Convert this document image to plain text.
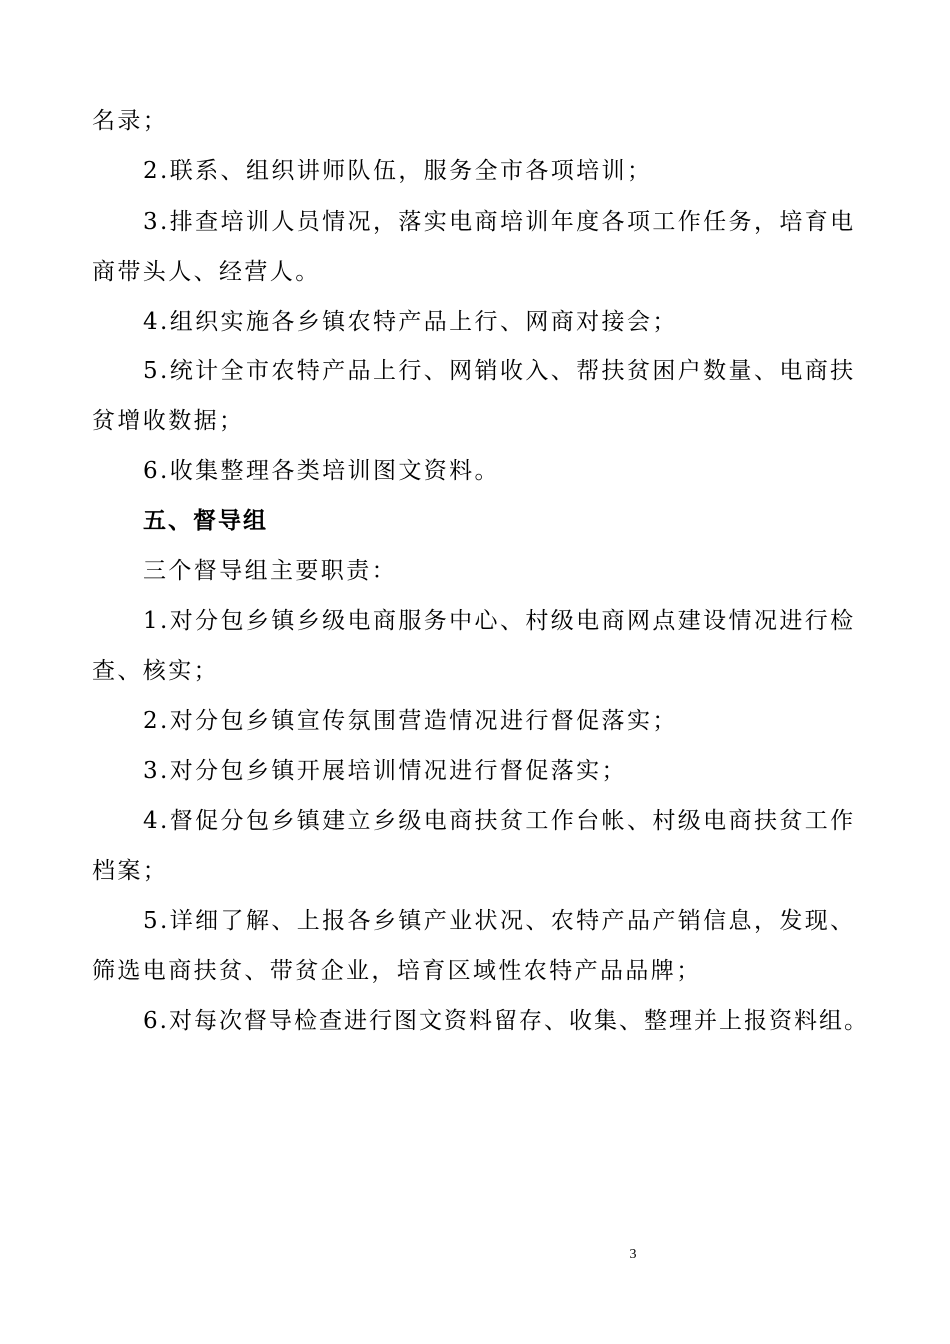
名录；
2.联系、组织讲师队伍，服务全市各项培训；
3.排查培训人员情况，落实电商培训年度各项工作任务，培育电
商带头人、经营人。
4.组织实施各乡镇农特产品上行、网商对接会；
5.统计全市农特产品上行、网销收入、帮扶贫困户数量、电商扶
贫增收数据；
6.收集整理各类培训图文资料。
五、督导组
三个督导组主要职责：
1.对分包乡镇乡级电商服务中心、村级电商网点建设情况进行检
查、核实；
2.对分包乡镇宣传氛围营造情况进行督促落实；
3.对分包乡镇开展培训情况进行督促落实；
4.督促分包乡镇建立乡级电商扶贫工作台帐、村级电商扶贫工作
档案；
5.详细了解、上报各乡镇产业状况、农特产品产销信息，发现、
筛选电商扶贫、带贫企业，培育区域性农特产品品牌；
6.对每次督导检查进行图文资料留存、收集、整理并上报资料组。
3
